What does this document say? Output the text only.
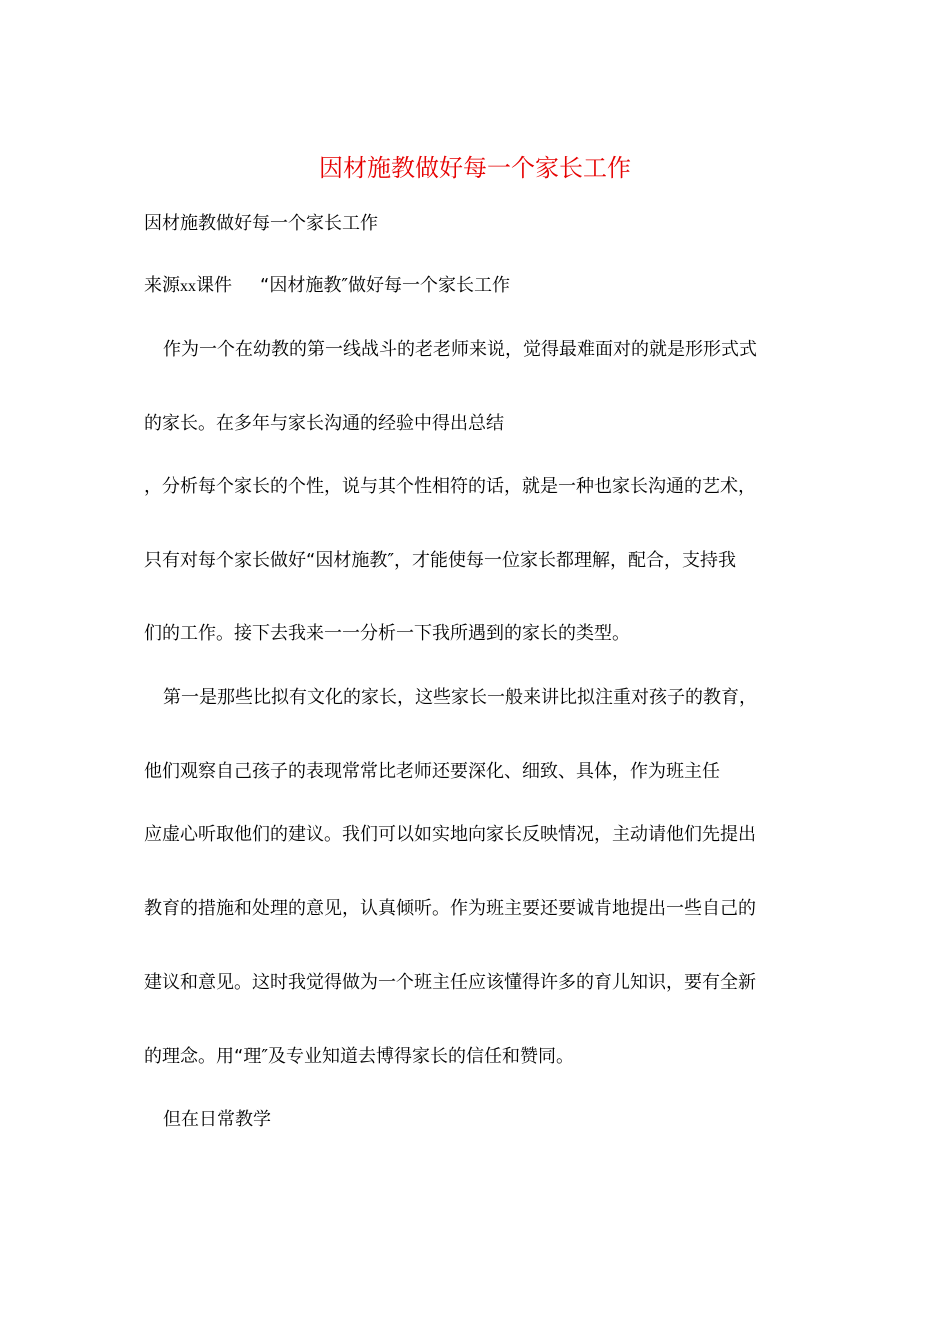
因材施教做好每一个家长工作
因材施教做好每一个家长工作
来源xx课件 “因材施教″做好每一个家长工作
作为一个在幼教的第一线战斗的老老师来说，觉得最难面对的就是形形式式
的家长。在多年与家长沟通的经验中得出总结
，分析每个家长的个性，说与其个性相符的话，就是一种也家长沟通的艺术，
只有对每个家长做好“因材施教″，才能使每一位家长都理解，配合，支持我
们的工作。接下去我来一一分析一下我所遇到的家长的类型。
第一是那些比拟有文化的家长，这些家长一般来讲比拟注重对孩子的教育，
他们观察自己孩子的表现常常比老师还要深化、细致、具体，作为班主任
应虚心听取他们的建议。我们可以如实地向家长反映情况，主动请他们先提出
教育的措施和处理的意见，认真倾听。作为班主要还要诚肯地提出一些自己的
建议和意见。这时我觉得做为一个班主任应该懂得许多的育儿知识，要有全新
的理念。用“理″及专业知道去博得家长的信任和赞同。
但在日常教学
